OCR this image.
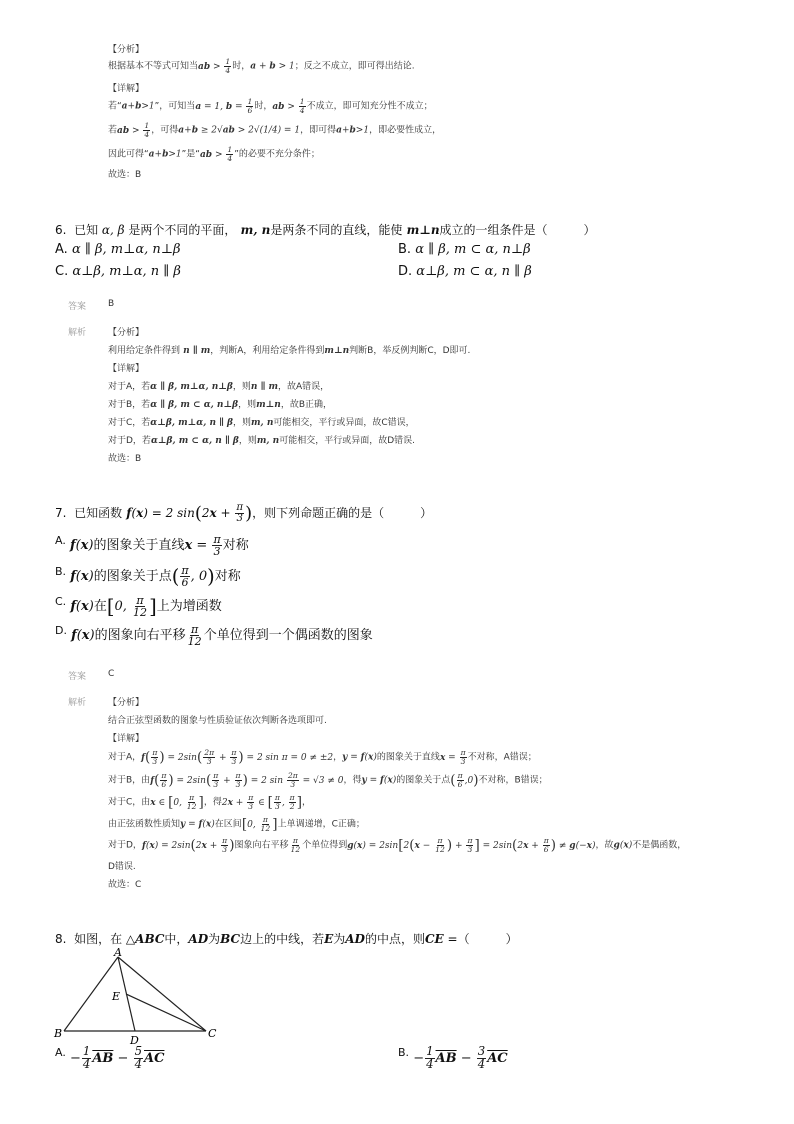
【分析】
根据基本不等式可知当ab > $\frac{1}{4}$ 时，a + b > 1；反之不成立，即可得出结论.
【详解】
若“a+b>1”，可知当a = 1, $b = \frac{1}{6}$ 时，ab > $\frac{1}{4}$ 不成立，即可知充分性不成立；
若ab > $\frac{1}{4}$ ，可得a+b ≥ 2√ab > 2√(1/4) = 1，即可得a+b>1，即必要性成立，
因此可得“a+b>1”是“ab > $\frac{1}{4}$ ”的必要不充分条件；
故选：B
6. 已知 α, β 是两个不同的平面， m, n是两条不同的直线，能使 m⊥n成立的一组条件是（　　　）
A. α ∥ β, m⊥α, n⊥β	B. α ∥ β, m ⊂ α, n⊥β
C. α⊥β, m⊥α, n ∥ β	D. α⊥β, m ⊂ α, n ∥ β
答案 B
解析 【分析】
利用给定条件得到 n ∥ m，判断A，利用给定条件得到m⊥n判断B，举反例判断C，D即可.
【详解】
对于A，若α ∥ β, m⊥α, n⊥β，则n ∥ m，故A错误，
对于B，若α ∥ β, m ⊂ α, n⊥β，则m⊥n，故B正确，
对于C，若α⊥β, m⊥α, n ∥ β，则m, n可能相交，平行或异面，故C错误，
对于D，若α⊥β, m ⊂ α, n ∥ β，则m, n可能相交，平行或异面，故D错误.
故选：B
7. 已知函数 f(x) = 2 $\sin(2x + \frac{\pi}{3}$ )，则下列命题正确的是（　　　）
$^{A.}$ f(x)的图象关于直线$x = \frac{\pi}{3}$ 对称
$^{B.}$ f(x)的图象关于点( $\frac{\pi}{6}$ , 0)对称
$^{C.}$ f(x)在[0, $\frac{\pi}{12}$ ]上为增函数
$^{D.}$ f(x)的图象向右平移 $\frac{\pi}{12}$ 个单位得到一个偶函数的图象
答案 C
解析 【分析】
结合正弦型函数的图象与性质验证依次判断各选项即可.
【详解】
对于A，$f( \frac{\pi}{3}$ ) = $2\sin( \frac{2\pi}{3} + \frac{\pi}{3}$ ) = 2 sin π = 0 ≠ ±2，y = f(x)的图象关于直线$x = \frac{\pi}{3}$ 不对称，A错误；
对于B，由$f( \frac{\pi}{6}$ ) = $2\sin( \frac{\pi}{3} + \frac{\pi}{3}$ ) = 2 $\sin \frac{2\pi}{3} = √3 \ne 0$，得y = f(x)的图象关于点( $\frac{\pi}{6} ,0$)不对称，B错误；
对于C，由x ∈ [0, $\frac{\pi}{12}$ ]，得$2x + \frac{\pi}{3}$ ∈ [ $\frac{\pi}{3}$ , $\frac{\pi}{2}$ ]，
由正弦函数性质知y = f(x)在区间[0, $\frac{\pi}{12}$ ]上单调递增，C正确；
对于D，$f(x) = 2\sin(2x + \frac{\pi}{3}$ )图象向右平移 $\frac{\pi}{12}$ 个单位得到$g(x) = 2\sin[2(x - \frac{\pi}{12}$ ) + $\frac{\pi}{3}$ ] = $2\sin(2x + \frac{\pi}{6}$ ) ≠ g(−x)，故g(x)不是偶函数，
D错误.
故选：C
8. 如图，在 △ABC中，AD为BC边上的中线，若E为AD的中点，则CE =（　　　）
A
B	C
D
E
$^{A.} - \frac{1}{4} \overline{AB} - \frac{5}{4} \overline{AC}$	$^{B.} - \frac{1}{4} \overline{AB} - \frac{3}{4} \overline{AC}$
